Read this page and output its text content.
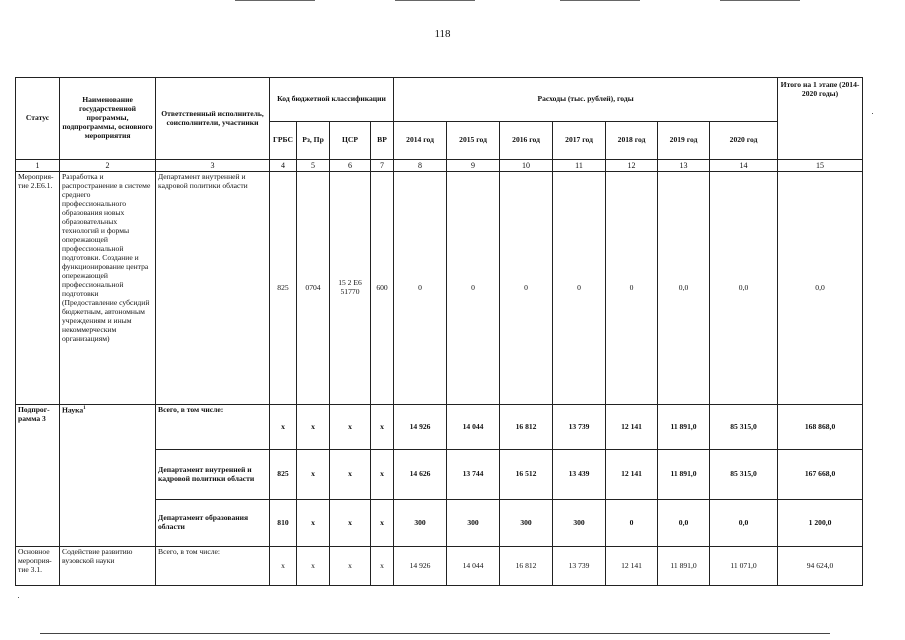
118
Статус	Наименование государственной программы, подпрограммы, основного мероприятия	Ответственный исполнитель, соисполнители, участники	Код бюджетной классификации				Расходы (тыс. рублей), годы							Итого на 1 этапе (2014-2020 годы)
			ГРБС	Рз, Пр	ЦСР	ВР	2014 год	2015 год	2016 год	2017 год	2018 год	2019 год	2020 год	
1	2	3	4	5	6	7	8	9	10	11	12	13	14	15
Мероприя-тие 2.Е6.1.	Разработка и распространение в системе среднего профессионального образования новых образовательных технологий и формы опережающей профессиональной подготовки. Создание и функционирование центра опережающей профессиональной подготовки (Предоставление субсидий бюджетным, автономным учреждениям и иным некоммерческим организациям)	Департамент внутренней и кадровой политики области	825	0704	15 2 Е6 51770	600	0	0	0	0	0	0,0	0,0	0,0
Подпрог-рамма 3	Наука$^1$	Всего, в том числе:	х	х	х	х	14 926	14 044	16 812	13 739	12 141	11 891,0	85 315,0	168 868,0
		Департамент внутренней и кадровой политики области	825	х	х	х	14 626	13 744	16 512	13 439	12 141	11 891,0	85 315,0	167 668,0
		Департамент образования области	810	х	х	х	300	300	300	300	0	0,0	0,0	1 200,0
Основное мероприя-тие 3.1.	Содействие развитию вузовской науки	Всего, в том числе:	х	х	х	х	14 926	14 044	16 812	13 739	12 141	11 891,0	11 071,0	94 624,0
